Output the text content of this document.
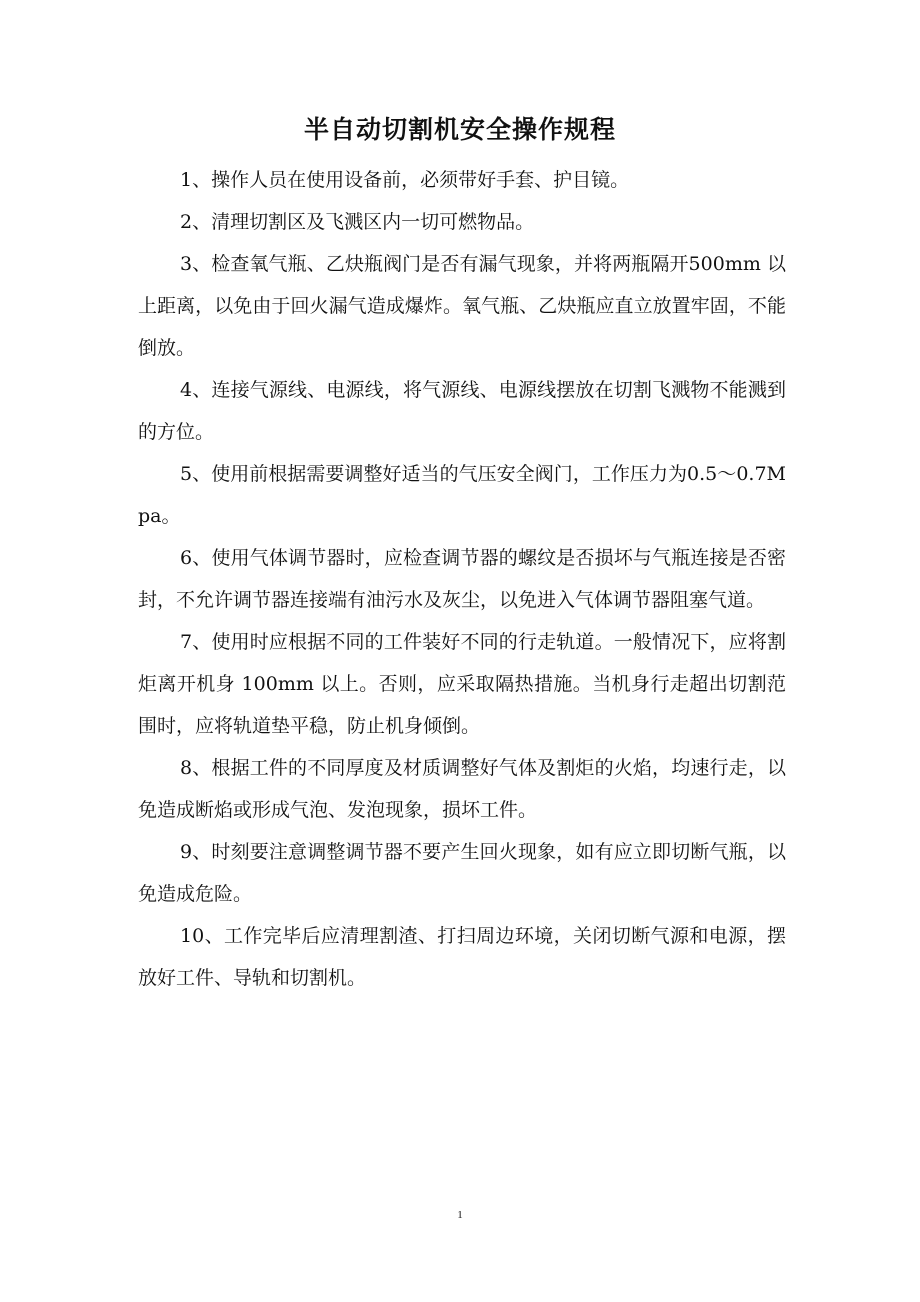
半自动切割机安全操作规程

1、操作人员在使用设备前，必须带好手套、护目镜。

2、清理切割区及飞溅区内一切可燃物品。

3、检查氧气瓶、乙炔瓶阀门是否有漏气现象，并将两瓶隔开500mm 以上距离，以免由于回火漏气造成爆炸。氧气瓶、乙炔瓶应直立放置牢固，不能倒放。

4、连接气源线、电源线，将气源线、电源线摆放在切割飞溅物不能溅到的方位。

5、使用前根据需要调整好适当的气压安全阀门，工作压力为0.5～0.7Mpa。

6、使用气体调节器时，应检查调节器的螺纹是否损坏与气瓶连接是否密封，不允许调节器连接端有油污水及灰尘，以免进入气体调节器阻塞气道。

7、使用时应根据不同的工件装好不同的行走轨道。一般情况下，应将割炬离开机身 100mm 以上。否则，应采取隔热措施。当机身行走超出切割范围时，应将轨道垫平稳，防止机身倾倒。

8、根据工件的不同厚度及材质调整好气体及割炬的火焰，均速行走，以免造成断焰或形成气泡、发泡现象，损坏工件。

9、时刻要注意调整调节器不要产生回火现象，如有应立即切断气瓶，以免造成危险。

10、工作完毕后应清理割渣、打扫周边环境，关闭切断气源和电源，摆放好工件、导轨和切割机。

1
